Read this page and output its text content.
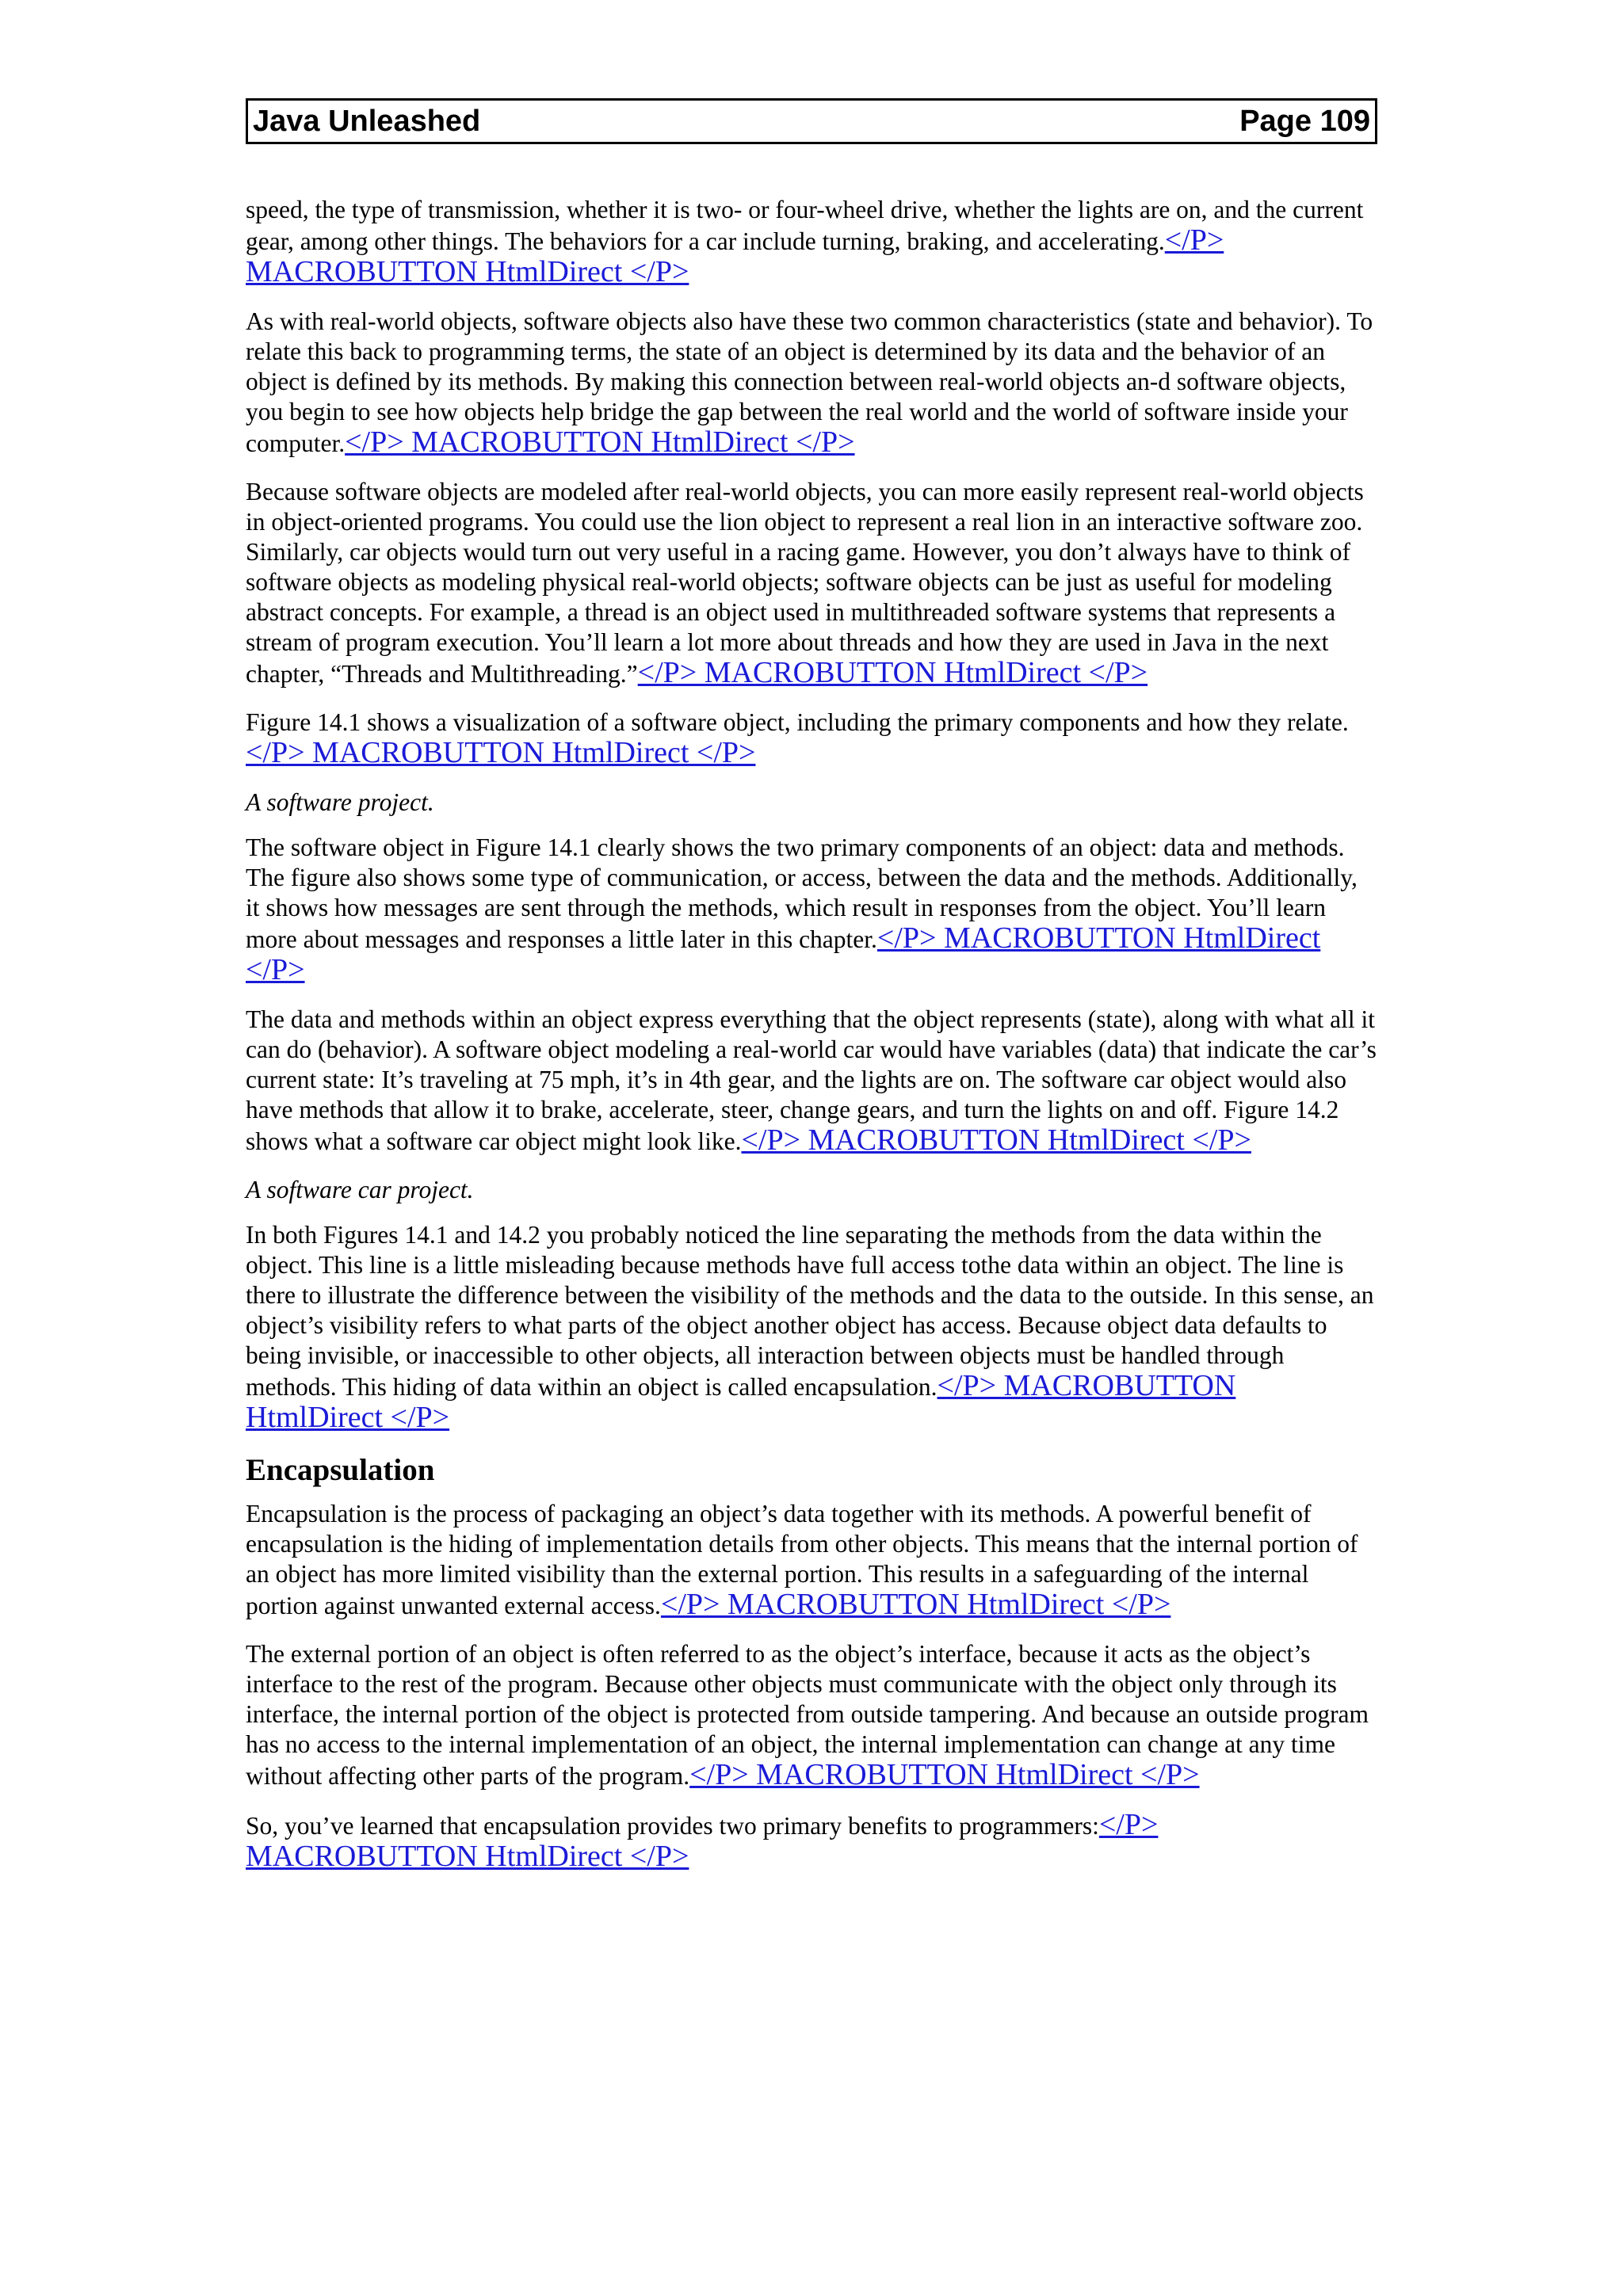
Java Unleashed	Page 109

speed, the type of transmission, whether it is two- or four-wheel drive, whether the lights are on, and the current gear, among other things. The behaviors for a car include turning, braking, and accelerating.</P> MACROBUTTON HtmlDirect </P>

As with real-world objects, software objects also have these two common characteristics (state and behavior). To relate this back to programming terms, the state of an object is determined by its data and the behavior of an object is defined by its methods. By making this connection between real-world objects an-d software objects, you begin to see how objects help bridge the gap between the real world and the world of software inside your computer.</P> MACROBUTTON HtmlDirect </P>

Because software objects are modeled after real-world objects, you can more easily represent real-world objects in object-oriented programs. You could use the lion object to represent a real lion in an interactive software zoo. Similarly, car objects would turn out very useful in a racing game. However, you don’t always have to think of software objects as modeling physical real-world objects; software objects can be just as useful for modeling abstract concepts. For example, a thread is an object used in multithreaded software systems that represents a stream of program execution. You’ll learn a lot more about threads and how they are used in Java in the next chapter, “Threads and Multithreading.”</P> MACROBUTTON HtmlDirect </P>

Figure 14.1 shows a visualization of a software object, including the primary components and how they relate.</P> MACROBUTTON HtmlDirect </P>

A software project.

The software object in Figure 14.1 clearly shows the two primary components of an object: data and methods. The figure also shows some type of communication, or access, between the data and the methods. Additionally, it shows how messages are sent through the methods, which result in responses from the object. You’ll learn more about messages and responses a little later in this chapter.</P> MACROBUTTON HtmlDirect </P>

The data and methods within an object express everything that the object represents (state), along with what all it can do (behavior). A software object modeling a real-world car would have variables (data) that indicate the car’s current state: It’s traveling at 75 mph, it’s in 4th gear, and the lights are on. The software car object would also have methods that allow it to brake, accelerate, steer, change gears, and turn the lights on and off. Figure 14.2 shows what a software car object might look like.</P> MACROBUTTON HtmlDirect </P>

A software car project.

In both Figures 14.1 and 14.2 you probably noticed the line separating the methods from the data within the object. This line is a little misleading because methods have full access tothe data within an object. The line is there to illustrate the difference between the visibility of the methods and the data to the outside. In this sense, an object’s visibility refers to what parts of the object another object has access. Because object data defaults to being invisible, or inaccessible to other objects, all interaction between objects must be handled through methods. This hiding of data within an object is called encapsulation.</P> MACROBUTTON HtmlDirect </P>

Encapsulation

Encapsulation is the process of packaging an object’s data together with its methods. A powerful benefit of encapsulation is the hiding of implementation details from other objects. This means that the internal portion of an object has more limited visibility than the external portion. This results in a safeguarding of the internal portion against unwanted external access.</P> MACROBUTTON HtmlDirect </P>

The external portion of an object is often referred to as the object’s interface, because it acts as the object’s interface to the rest of the program. Because other objects must communicate with the object only through its interface, the internal portion of the object is protected from outside tampering. And because an outside program has no access to the internal implementation of an object, the internal implementation can change at any time without affecting other parts of the program.</P> MACROBUTTON HtmlDirect </P>

So, you’ve learned that encapsulation provides two primary benefits to programmers:</P> MACROBUTTON HtmlDirect </P>
